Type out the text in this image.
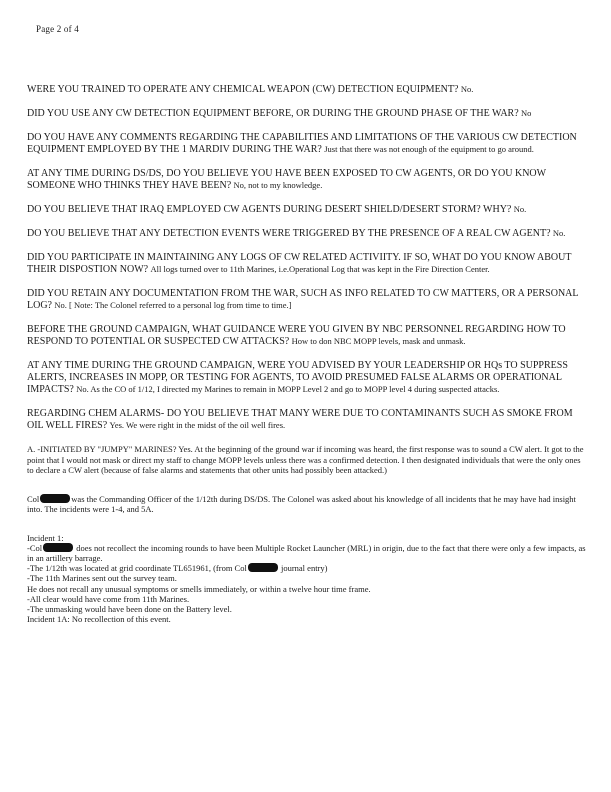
Page 2 of 4
WERE YOU TRAINED TO OPERATE ANY CHEMICAL WEAPON (CW) DETECTION EQUIPMENT? No.
DID YOU USE ANY CW DETECTION EQUIPMENT BEFORE, OR DURING THE GROUND PHASE OF THE WAR? No
DO YOU HAVE ANY COMMENTS REGARDING THE CAPABILITIES AND LIMITATIONS OF THE VARIOUS CW DETECTION EQUIPMENT EMPLOYED BY THE 1 MARDIV DURING THE WAR? Just that there was not enough of the equipment to go around.
AT ANY TIME DURING DS/DS, DO YOU BELIEVE YOU HAVE BEEN EXPOSED TO CW AGENTS, OR DO YOU KNOW SOMEONE WHO THINKS THEY HAVE BEEN? No, not to my knowledge.
DO YOU BELIEVE THAT IRAQ EMPLOYED CW AGENTS DURING DESERT SHIELD/DESERT STORM? WHY? No.
DO YOU BELIEVE THAT ANY DETECTION EVENTS WERE TRIGGERED BY THE PRESENCE OF A REAL CW AGENT? No.
DID YOU PARTICIPATE IN MAINTAINING ANY LOGS OF CW RELATED ACTIVIITY. IF SO, WHAT DO YOU KNOW ABOUT THEIR DISPOSTION NOW? All logs turned over to 11th Marines, i.e.Operational Log that was kept in the Fire Direction Center.
DID YOU RETAIN ANY DOCUMENTATION FROM THE WAR, SUCH AS INFO RELATED TO CW MATTERS, OR A PERSONAL LOG? No. [ Note: The Colonel referred to a personal log from time to time.]
BEFORE THE GROUND CAMPAIGN, WHAT GUIDANCE WERE YOU GIVEN BY NBC PERSONNEL REGARDING HOW TO RESPOND TO POTENTIAL OR SUSPECTED CW ATTACKS? How to don NBC MOPP levels, mask and unmask.
AT ANY TIME DURING THE GROUND CAMPAIGN, WERE YOU ADVISED BY YOUR LEADERSHIP OR HQs TO SUPPRESS ALERTS, INCREASES IN MOPP, OR TESTING FOR AGENTS, TO AVOID PRESUMED FALSE ALARMS OR OPERATIONAL IMPACTS? No. As the CO of 1/12, I directed my Marines to remain in MOPP Level 2 and go to MOPP level 4 during suspected attacks.
REGARDING CHEM ALARMS- DO YOU BELIEVE THAT MANY WERE DUE TO CONTAMINANTS SUCH AS SMOKE FROM OIL WELL FIRES? Yes. We were right in the midst of the oil well fires.
A. -INITIATED BY "JUMPY" MARINES? Yes. At the beginning of the ground war if incoming was heard, the first response was to sound a CW alert. It got to the point that I would not mask or direct my staff to change MOPP levels unless there was a confirmed detection. I then designated individuals that were the only ones to declare a CW alert (because of false alarms and statements that other units had possibly been attacked.)
Col	was the Commanding Officer of the 1/12th during DS/DS. The Colonel was asked about his knowledge of all incidents that he may have had insight into. The incidents were 1-4, and 5A.
Incident 1:
-Col	does not recollect the incoming rounds to have been Multiple Rocket Launcher (MRL) in origin, due to the fact that there were only a few impacts, as in an artillery barrage.
-The 1/12th was located at grid coordinate TL651961, (from Col	journal entry)
-The 11th Marines sent out the survey team.
He does not recall any unusual symptoms or smells immediately, or within a twelve hour time frame.
-All clear would have come from 11th Marines.
-The unmasking would have been done on the Battery level.
Incident 1A: No recollection of this event.
